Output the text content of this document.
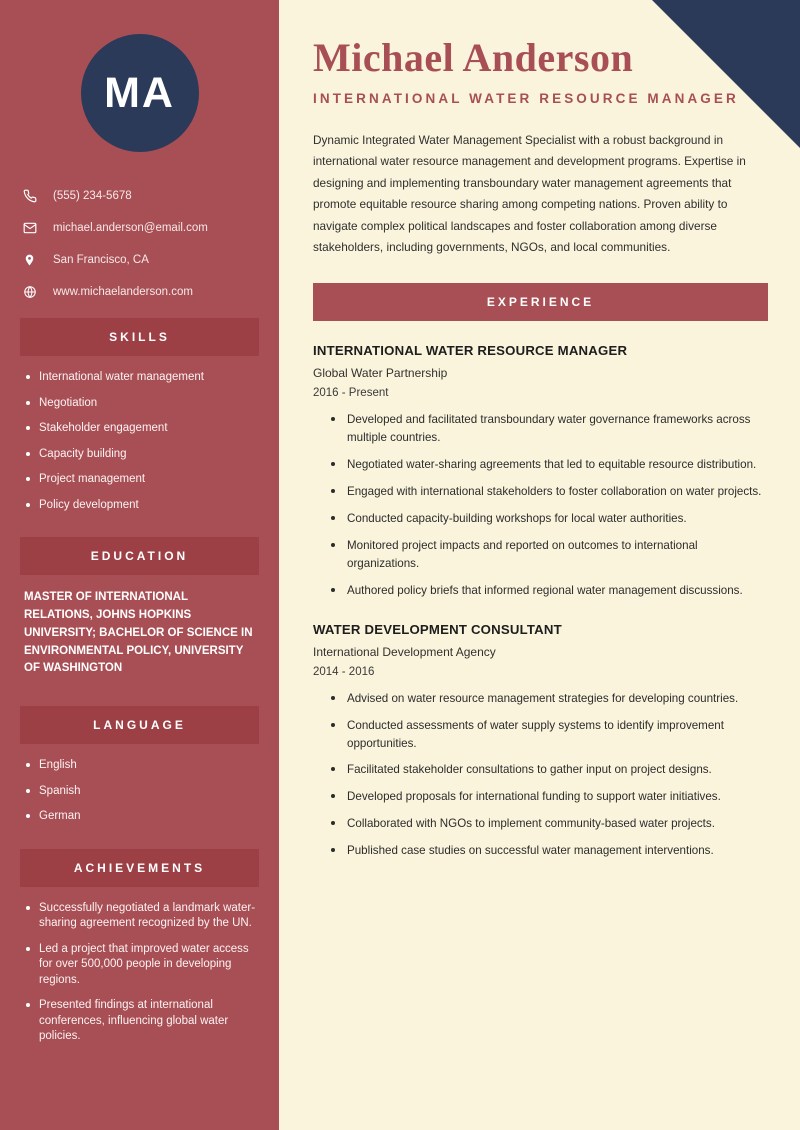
MA
(555) 234-5678
michael.anderson@email.com
San Francisco, CA
www.michaelanderson.com
SKILLS
International water management
Negotiation
Stakeholder engagement
Capacity building
Project management
Policy development
EDUCATION
MASTER OF INTERNATIONAL RELATIONS, JOHNS HOPKINS UNIVERSITY; BACHELOR OF SCIENCE IN ENVIRONMENTAL POLICY, UNIVERSITY OF WASHINGTON
LANGUAGE
English
Spanish
German
ACHIEVEMENTS
Successfully negotiated a landmark water-sharing agreement recognized by the UN.
Led a project that improved water access for over 500,000 people in developing regions.
Presented findings at international conferences, influencing global water policies.
Michael Anderson
INTERNATIONAL WATER RESOURCE MANAGER

Dynamic Integrated Water Management Specialist with a robust background in international water resource management and development programs. Expertise in designing and implementing transboundary water management agreements that promote equitable resource sharing among competing nations. Proven ability to navigate complex political landscapes and foster collaboration among diverse stakeholders, including governments, NGOs, and local communities.

EXPERIENCE
INTERNATIONAL WATER RESOURCE MANAGER
Global Water Partnership
2016 - Present
Developed and facilitated transboundary water governance frameworks across multiple countries.
Negotiated water-sharing agreements that led to equitable resource distribution.
Engaged with international stakeholders to foster collaboration on water projects.
Conducted capacity-building workshops for local water authorities.
Monitored project impacts and reported on outcomes to international organizations.
Authored policy briefs that informed regional water management discussions.
WATER DEVELOPMENT CONSULTANT
International Development Agency
2014 - 2016
Advised on water resource management strategies for developing countries.
Conducted assessments of water supply systems to identify improvement opportunities.
Facilitated stakeholder consultations to gather input on project designs.
Developed proposals for international funding to support water initiatives.
Collaborated with NGOs to implement community-based water projects.
Published case studies on successful water management interventions.
